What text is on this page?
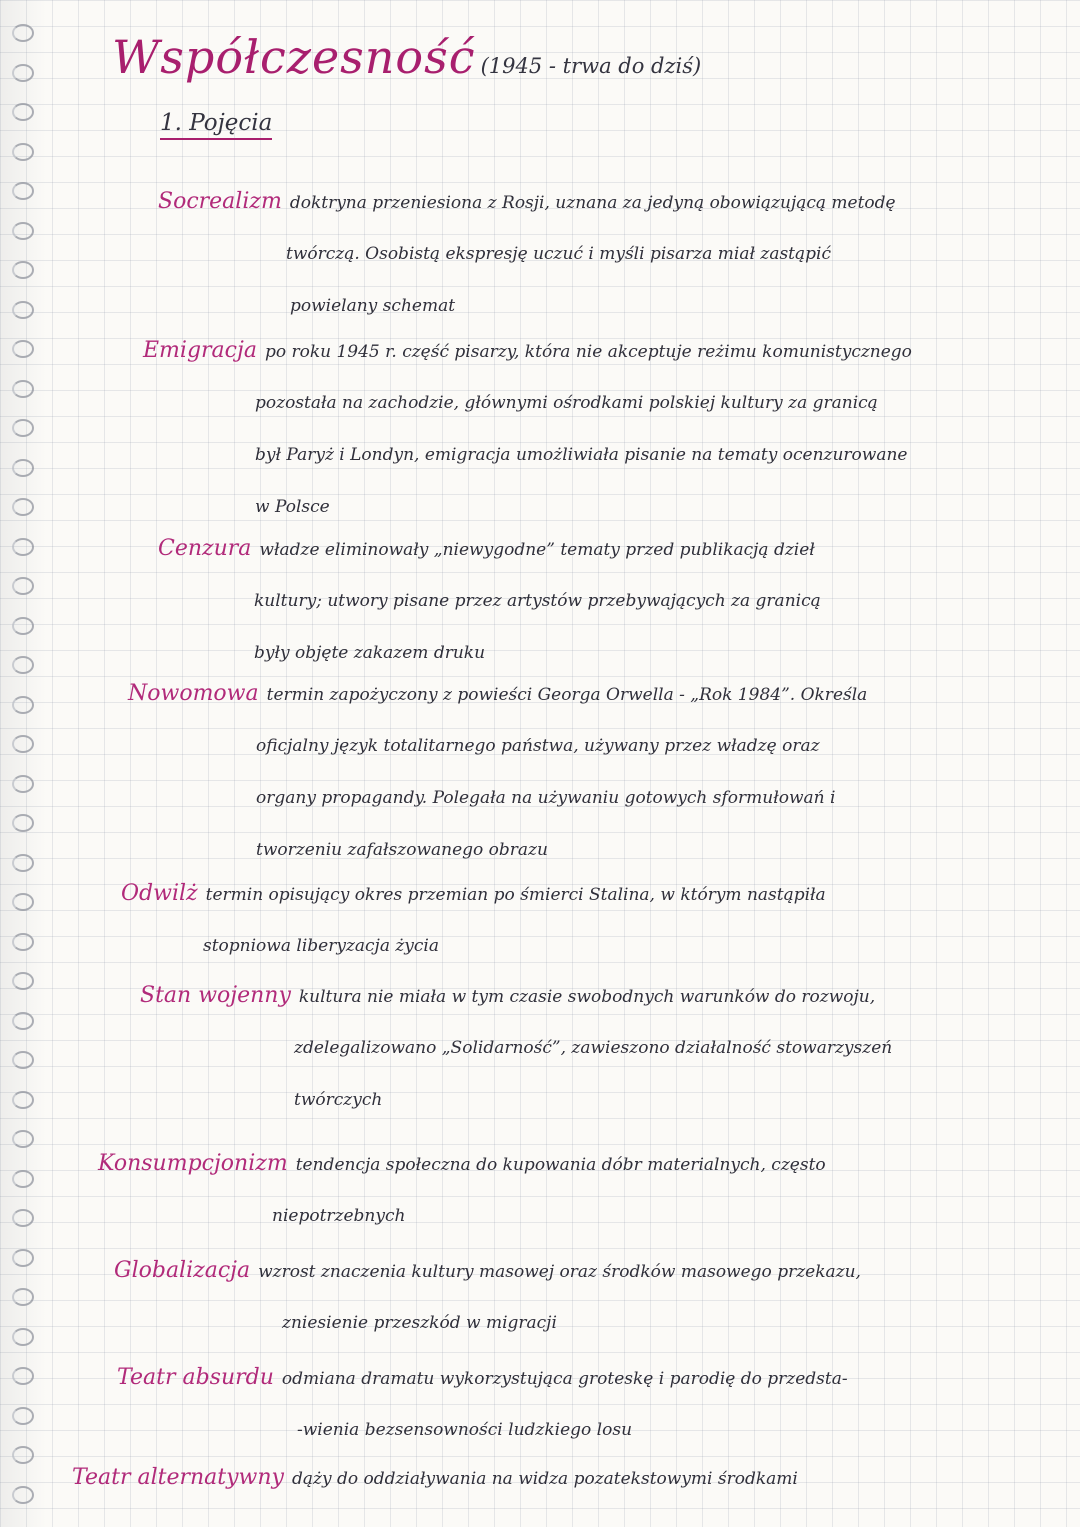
Współczesność (1945 - trwa do dziś)
1. Pojęcia
Socrealizm doktryna przeniesiona z Rosji, uznana za jedyną obowiązującą metodę
twórczą. Osobistą ekspresję uczuć i myśli pisarza miał zastąpić
powielany schemat
Emigracja po roku 1945 r. część pisarzy, która nie akceptuje reżimu komunistycznego
pozostała na zachodzie, głównymi ośrodkami polskiej kultury za granicą
był Paryż i Londyn, emigracja umożliwiała pisanie na tematy ocenzurowane
w Polsce
Cenzura władze eliminowały „niewygodne” tematy przed publikacją dzieł
kultury; utwory pisane przez artystów przebywających za granicą
były objęte zakazem druku
Nowomowa termin zapożyczony z powieści Georga Orwella - „Rok 1984”. Określa
oficjalny język totalitarnego państwa, używany przez władzę oraz
organy propagandy. Polegała na używaniu gotowych sformułowań i
tworzeniu zafałszowanego obrazu
Odwilż termin opisujący okres przemian po śmierci Stalina, w którym nastąpiła
stopniowa liberyzacja życia
Stan wojenny kultura nie miała w tym czasie swobodnych warunków do rozwoju,
zdelegalizowano „Solidarność”, zawieszono działalność stowarzyszeń
twórczych
Konsumpcjonizm tendencja społeczna do kupowania dóbr materialnych, często
niepotrzebnych
Globalizacja wzrost znaczenia kultury masowej oraz środków masowego przekazu,
zniesienie przeszkód w migracji
Teatr absurdu odmiana dramatu wykorzystująca groteskę i parodię do przedsta-
-wienia bezsensowności ludzkiego losu
Teatr alternatywny dąży do oddziaływania na widza pozatekstowymi środkami
